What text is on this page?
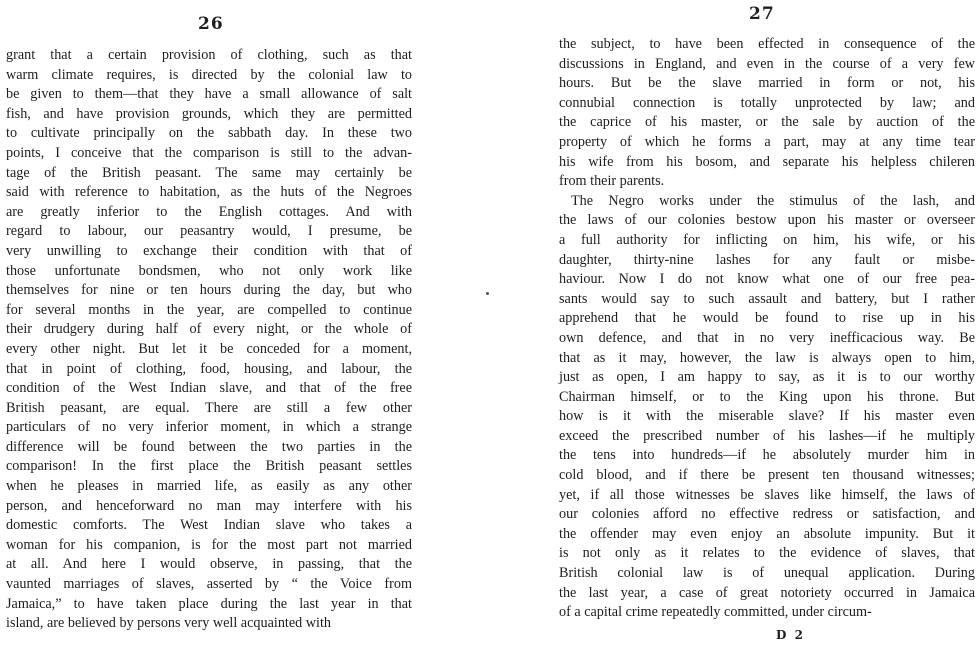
26
grant that a certain provision of clothing, such as that
warm climate requires, is directed by the colonial law to
be given to them—that they have a small allowance of salt
fish, and have provision grounds, which they are permitted
to cultivate principally on the sabbath day. In these two
points, I conceive that the comparison is still to the advan-
tage of the British peasant. The same may certainly be
said with reference to habitation, as the huts of the Negroes
are greatly inferior to the English cottages. And with
regard to labour, our peasantry would, I presume, be
very unwilling to exchange their condition with that of
those unfortunate bondsmen, who not only work like
themselves for nine or ten hours during the day, but who
for several months in the year, are compelled to continue
their drudgery during half of every night, or the whole of
every other night. But let it be conceded for a moment,
that in point of clothing, food, housing, and labour, the
condition of the West Indian slave, and that of the free
British peasant, are equal. There are still a few other
particulars of no very inferior moment, in which a strange
difference will be found between the two parties in the
comparison! In the first place the British peasant settles
when he pleases in married life, as easily as any other
person, and henceforward no man may interfere with his
domestic comforts. The West Indian slave who takes a
woman for his companion, is for the most part not married
at all. And here I would observe, in passing, that the
vaunted marriages of slaves, asserted by “ the Voice from
Jamaica,” to have taken place during the last year in that
island, are believed by persons very well acquainted with
27
the subject, to have been effected in consequence of the
discussions in England, and even in the course of a very few
hours. But be the slave married in form or not, his
connubial connection is totally unprotected by law; and
the caprice of his master, or the sale by auction of the
property of which he forms a part, may at any time tear
his wife from his bosom, and separate his helpless chileren
from their parents.
The Negro works under the stimulus of the lash, and
the laws of our colonies bestow upon his master or overseer
a full authority for inflicting on him, his wife, or his
daughter, thirty-nine lashes for any fault or misbe-
haviour. Now I do not know what one of our free pea-
sants would say to such assault and battery, but I rather
apprehend that he would be found to rise up in his
own defence, and that in no very inefficacious way. Be
that as it may, however, the law is always open to him,
just as open, I am happy to say, as it is to our worthy
Chairman himself, or to the King upon his throne. But
how is it with the miserable slave? If his master even
exceed the prescribed number of his lashes—if he multiply
the tens into hundreds—if he absolutely murder him in
cold blood, and if there be present ten thousand witnesses;
yet, if all those witnesses be slaves like himself, the laws of
our colonies afford no effective redress or satisfaction, and
the offender may even enjoy an absolute impunity. But it
is not only as it relates to the evidence of slaves, that
British colonial law is of unequal application. During
the last year, a case of great notoriety occurred in Jamaica
of a capital crime repeatedly committed, under circum-
D 2
